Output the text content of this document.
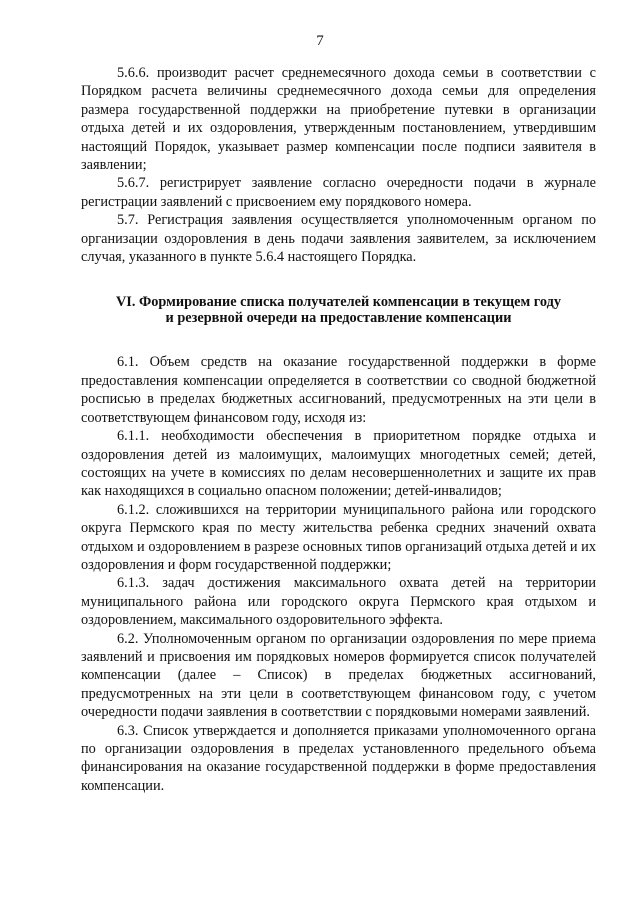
7

5.6.6. производит расчет среднемесячного дохода семьи в соответствии с Порядком расчета величины среднемесячного дохода семьи для определения размера государственной поддержки на приобретение путевки в организации отдыха детей и их оздоровления, утвержденным постановлением, утвердившим настоящий Порядок, указывает размер компенсации после подписи заявителя в заявлении;

5.6.7. регистрирует заявление согласно очередности подачи в журнале регистрации заявлений с присвоением ему порядкового номера.

5.7. Регистрация заявления осуществляется уполномоченным органом по организации оздоровления в день подачи заявления заявителем, за исключением случая, указанного в пункте 5.6.4 настоящего Порядка.

VI. Формирование списка получателей компенсации в текущем году
и резервной очереди на предоставление компенсации

6.1. Объем средств на оказание государственной поддержки в форме предоставления компенсации определяется в соответствии со сводной бюджетной росписью в пределах бюджетных ассигнований, предусмотренных на эти цели в соответствующем финансовом году, исходя из:

6.1.1. необходимости обеспечения в приоритетном порядке отдыха и оздоровления детей из малоимущих, малоимущих многодетных семей; детей, состоящих на учете в комиссиях по делам несовершеннолетних и защите их прав как находящихся в социально опасном положении; детей-инвалидов;

6.1.2. сложившихся на территории муниципального района или городского округа Пермского края по месту жительства ребенка средних значений охвата отдыхом и оздоровлением в разрезе основных типов организаций отдыха детей и их оздоровления и форм государственной поддержки;

6.1.3. задач достижения максимального охвата детей на территории муниципального района или городского округа Пермского края отдыхом и оздоровлением, максимального оздоровительного эффекта.

6.2. Уполномоченным органом по организации оздоровления по мере приема заявлений и присвоения им порядковых номеров формируется список получателей компенсации (далее – Список) в пределах бюджетных ассигнований, предусмотренных на эти цели в соответствующем финансовом году, с учетом очередности подачи заявления в соответствии с порядковыми номерами заявлений.

6.3. Список утверждается и дополняется приказами уполномоченного органа по организации оздоровления в пределах установленного предельного объема финансирования на оказание государственной поддержки в форме предоставления компенсации.
